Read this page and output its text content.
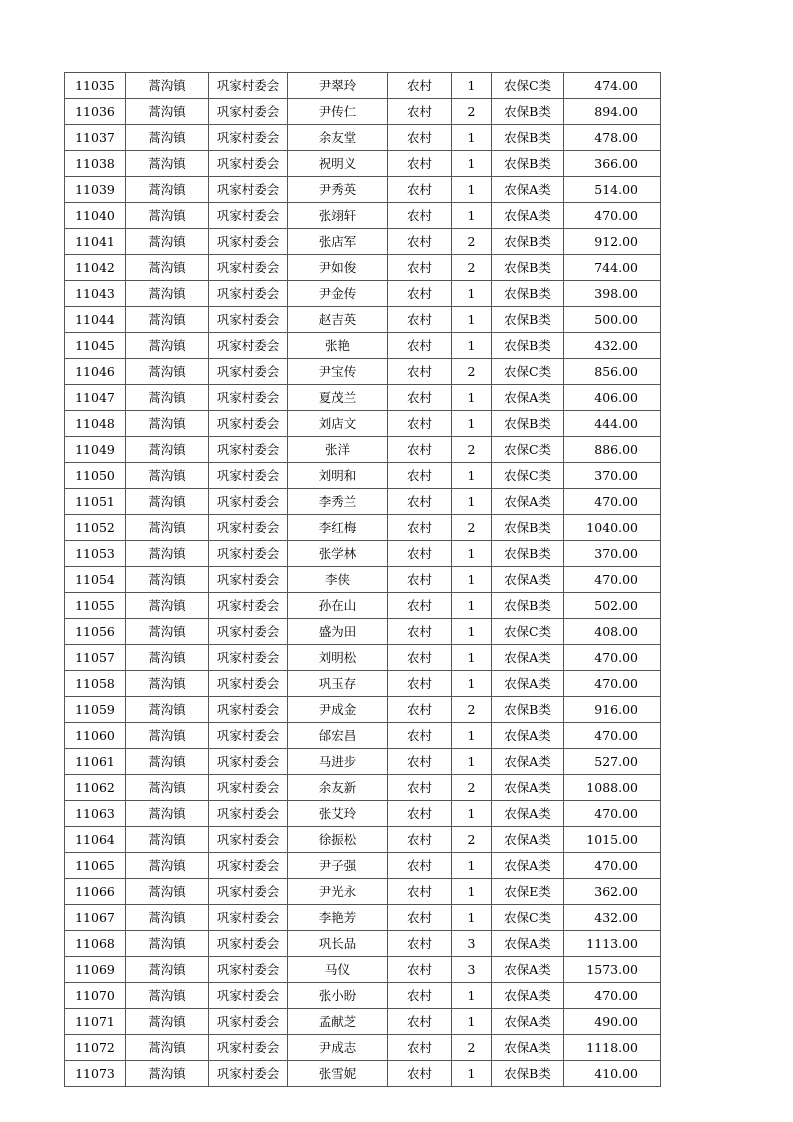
11035	蒿沟镇	巩家村委会	尹翠玲	农村	1	农保C类	474.00
11036	蒿沟镇	巩家村委会	尹传仁	农村	2	农保B类	894.00
11037	蒿沟镇	巩家村委会	余友堂	农村	1	农保B类	478.00
11038	蒿沟镇	巩家村委会	祝明义	农村	1	农保B类	366.00
11039	蒿沟镇	巩家村委会	尹秀英	农村	1	农保A类	514.00
11040	蒿沟镇	巩家村委会	张翊轩	农村	1	农保A类	470.00
11041	蒿沟镇	巩家村委会	张店军	农村	2	农保B类	912.00
11042	蒿沟镇	巩家村委会	尹如俊	农村	2	农保B类	744.00
11043	蒿沟镇	巩家村委会	尹金传	农村	1	农保B类	398.00
11044	蒿沟镇	巩家村委会	赵吉英	农村	1	农保B类	500.00
11045	蒿沟镇	巩家村委会	张艳	农村	1	农保B类	432.00
11046	蒿沟镇	巩家村委会	尹宝传	农村	2	农保C类	856.00
11047	蒿沟镇	巩家村委会	夏茂兰	农村	1	农保A类	406.00
11048	蒿沟镇	巩家村委会	刘店文	农村	1	农保B类	444.00
11049	蒿沟镇	巩家村委会	张洋	农村	2	农保C类	886.00
11050	蒿沟镇	巩家村委会	刘明和	农村	1	农保C类	370.00
11051	蒿沟镇	巩家村委会	李秀兰	农村	1	农保A类	470.00
11052	蒿沟镇	巩家村委会	李红梅	农村	2	农保B类	1040.00
11053	蒿沟镇	巩家村委会	张学林	农村	1	农保B类	370.00
11054	蒿沟镇	巩家村委会	李侠	农村	1	农保A类	470.00
11055	蒿沟镇	巩家村委会	孙在山	农村	1	农保B类	502.00
11056	蒿沟镇	巩家村委会	盛为田	农村	1	农保C类	408.00
11057	蒿沟镇	巩家村委会	刘明松	农村	1	农保A类	470.00
11058	蒿沟镇	巩家村委会	巩玉存	农村	1	农保A类	470.00
11059	蒿沟镇	巩家村委会	尹成金	农村	2	农保B类	916.00
11060	蒿沟镇	巩家村委会	邰宏昌	农村	1	农保A类	470.00
11061	蒿沟镇	巩家村委会	马进步	农村	1	农保A类	527.00
11062	蒿沟镇	巩家村委会	余友新	农村	2	农保A类	1088.00
11063	蒿沟镇	巩家村委会	张艾玲	农村	1	农保A类	470.00
11064	蒿沟镇	巩家村委会	徐振松	农村	2	农保A类	1015.00
11065	蒿沟镇	巩家村委会	尹子强	农村	1	农保A类	470.00
11066	蒿沟镇	巩家村委会	尹光永	农村	1	农保E类	362.00
11067	蒿沟镇	巩家村委会	李艳芳	农村	1	农保C类	432.00
11068	蒿沟镇	巩家村委会	巩长品	农村	3	农保A类	1113.00
11069	蒿沟镇	巩家村委会	马仪	农村	3	农保A类	1573.00
11070	蒿沟镇	巩家村委会	张小盼	农村	1	农保A类	470.00
11071	蒿沟镇	巩家村委会	孟献芝	农村	1	农保A类	490.00
11072	蒿沟镇	巩家村委会	尹成志	农村	2	农保A类	1118.00
11073	蒿沟镇	巩家村委会	张雪妮	农村	1	农保B类	410.00
